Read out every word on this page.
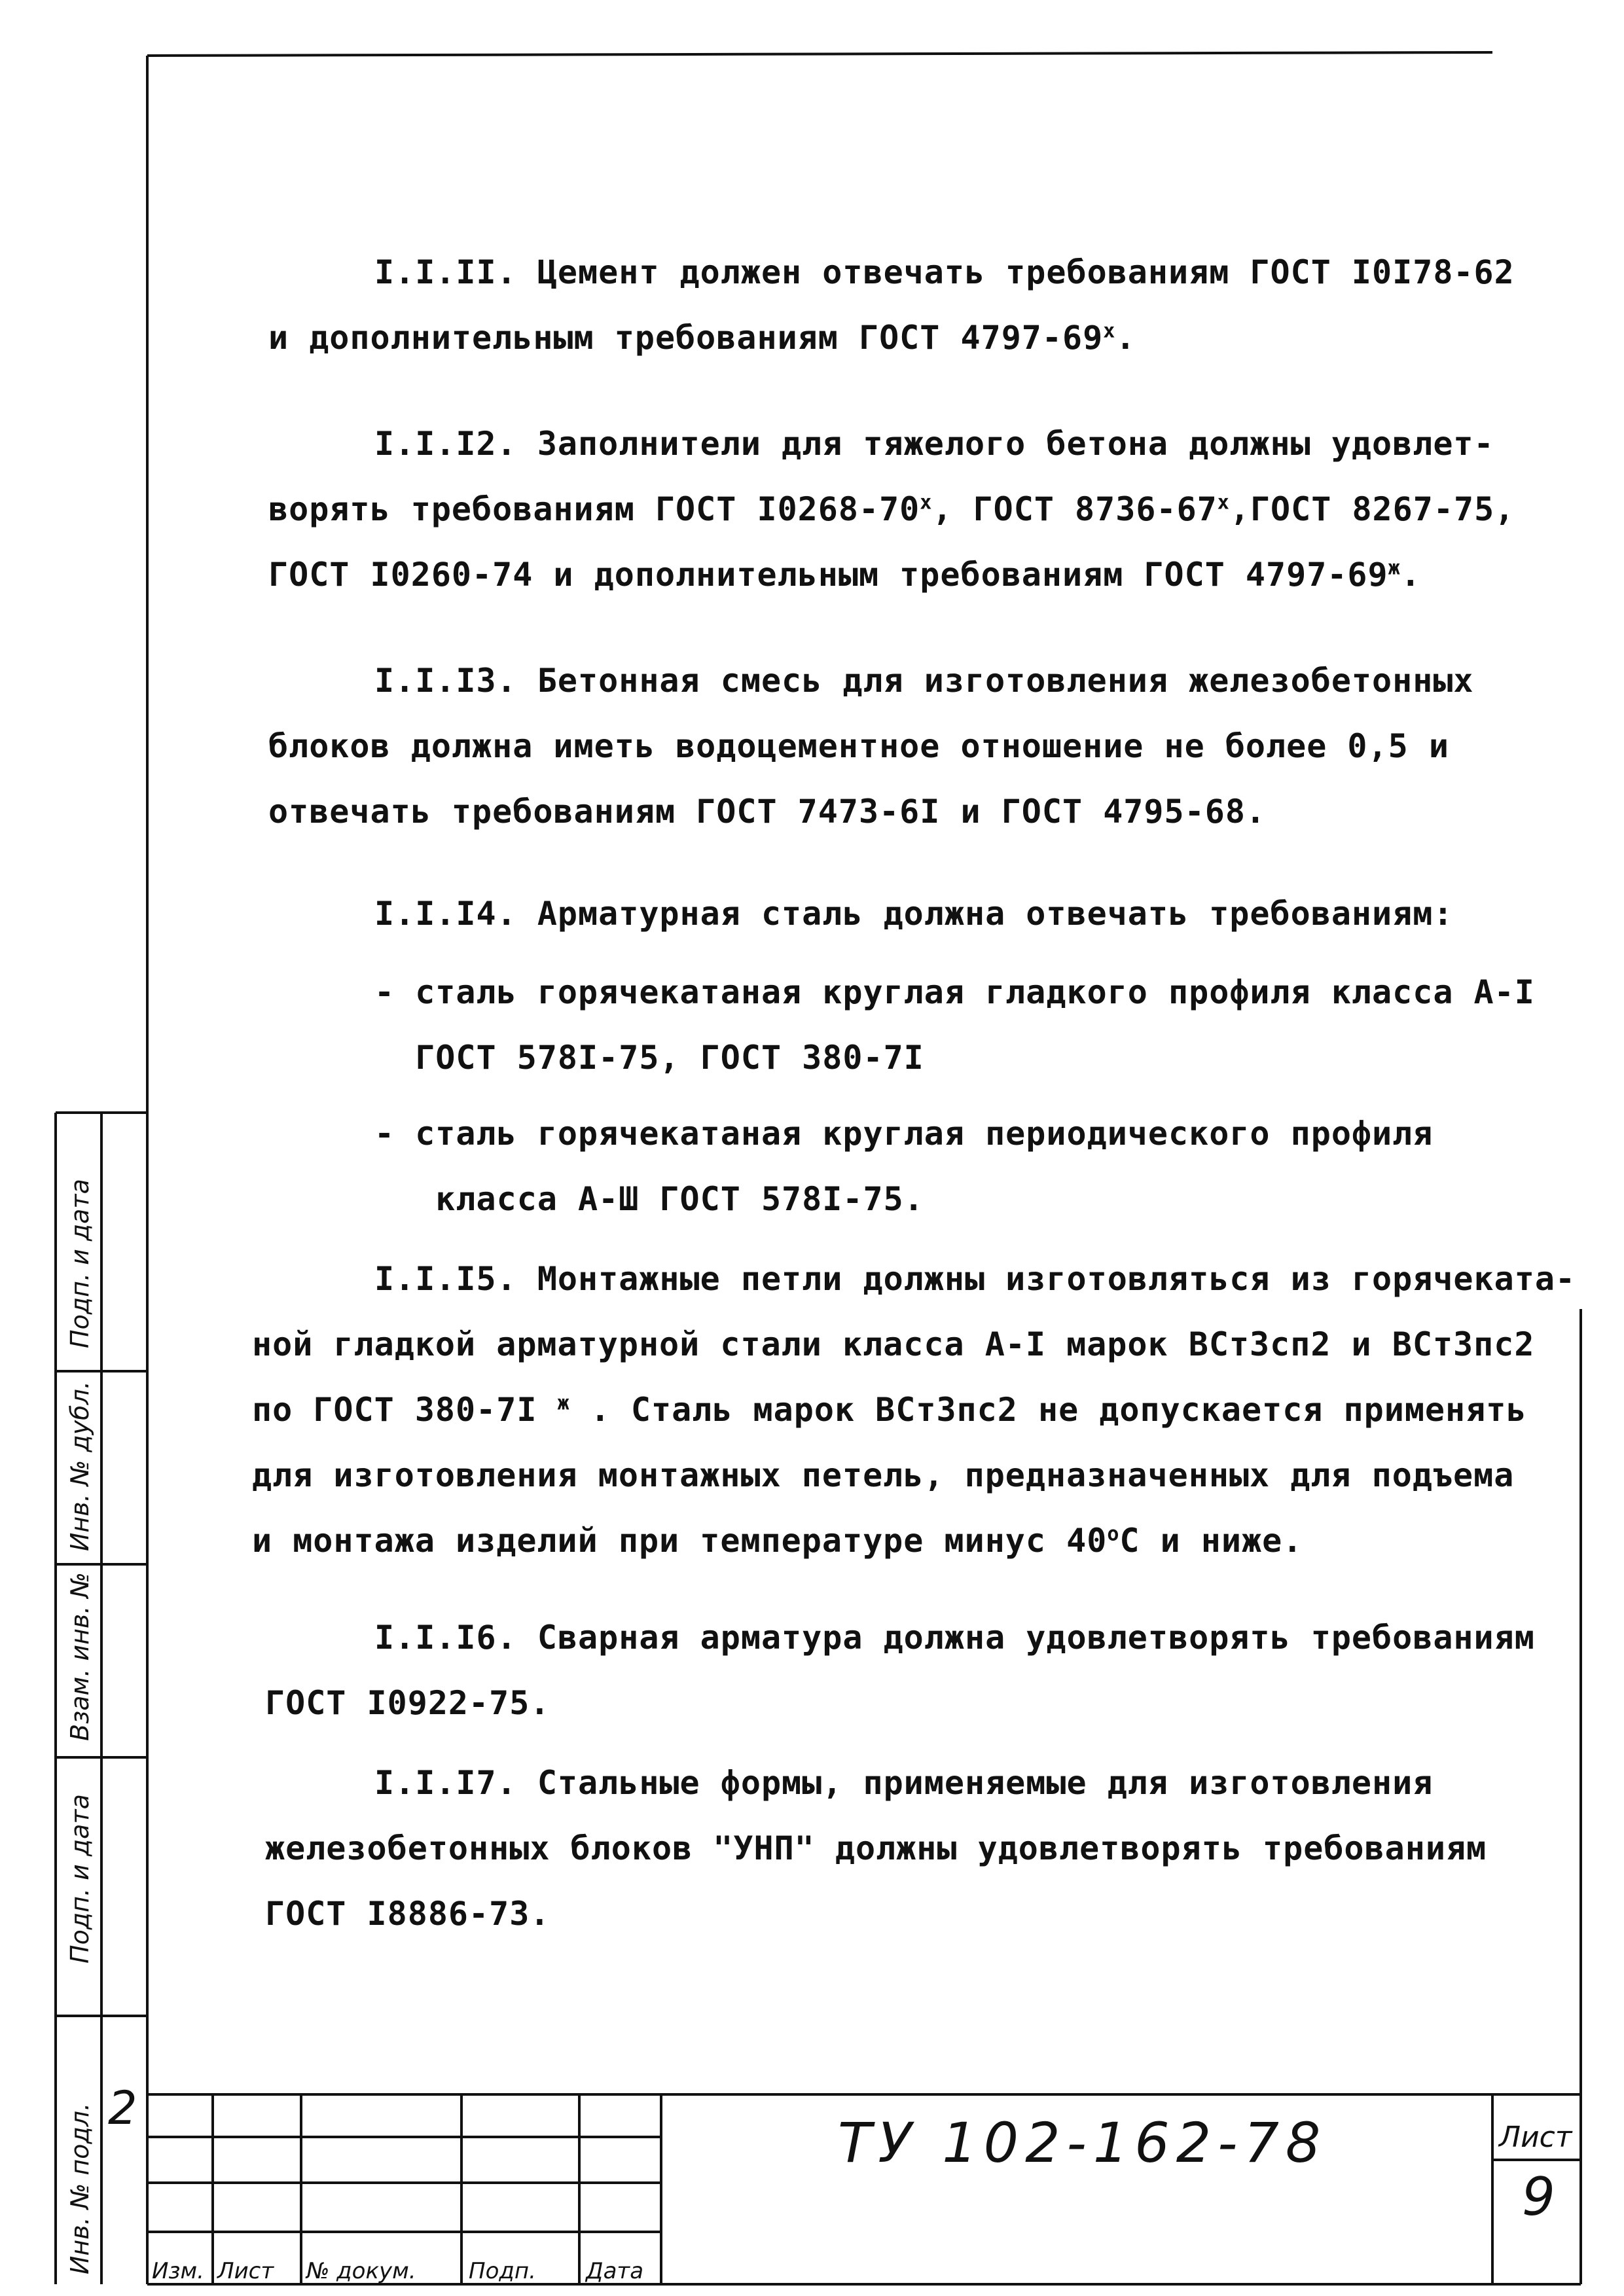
I.I.II. Цемент должен отвечать требованиям ГОСТ I0I78-62
и дополнительным требованиям ГОСТ 4797-69$^x$.
I.I.I2. Заполнители для тяжелого бетона должны удовлет-
ворять требованиям ГОСТ I0268-70$^x$, ГОСТ 8736-67$^x$,ГОСТ 8267-75,
ГОСТ I0260-74 и дополнительным требованиям ГОСТ $4797-69^ж$.
I.I.I3. Бетонная смесь для изготовления железобетонных
блоков должна иметь водоцементное отношение не более 0,5 и
отвечать требованиям ГОСТ 7473-6I и ГОСТ 4795-68.
I.I.I4. Арматурная сталь должна отвечать требованиям:
- сталь горячекатаная круглая гладкого профиля класса А-I
ГОСТ 578I-75, ГОСТ 380-7I
- сталь горячекатаная круглая периодического профиля
класса А-Ш ГОСТ 578I-75.
I.I.I5. Монтажные петли должны изготовляться из горячеката-
ной гладкой арматурной стали класса А-I марок ВСт3сп2 и ВСт3пс2
по ГОСТ 380-7I $^ж$ . Сталь марок ВСт3пс2 не допускается применять
для изготовления монтажных петель, предназначенных для подъема
и монтажа изделий при температуре минус 40$^o$С и ниже.
I.I.I6. Сварная арматура должна удовлетворять требованиям
ГОСТ I0922-75.
I.I.I7. Стальные формы, применяемые для изготовления
железобетонных блоков "УНП" должны удовлетворять требованиям
ГОСТ I8886-73.
Инв. № подл.
Подп. и дата
Взам. инв. №
Инв. № дубл.
Подп. и дата
2
Изм. Лист № докум. Подп. Дата
ТУ 102-162-78	Лист
9
